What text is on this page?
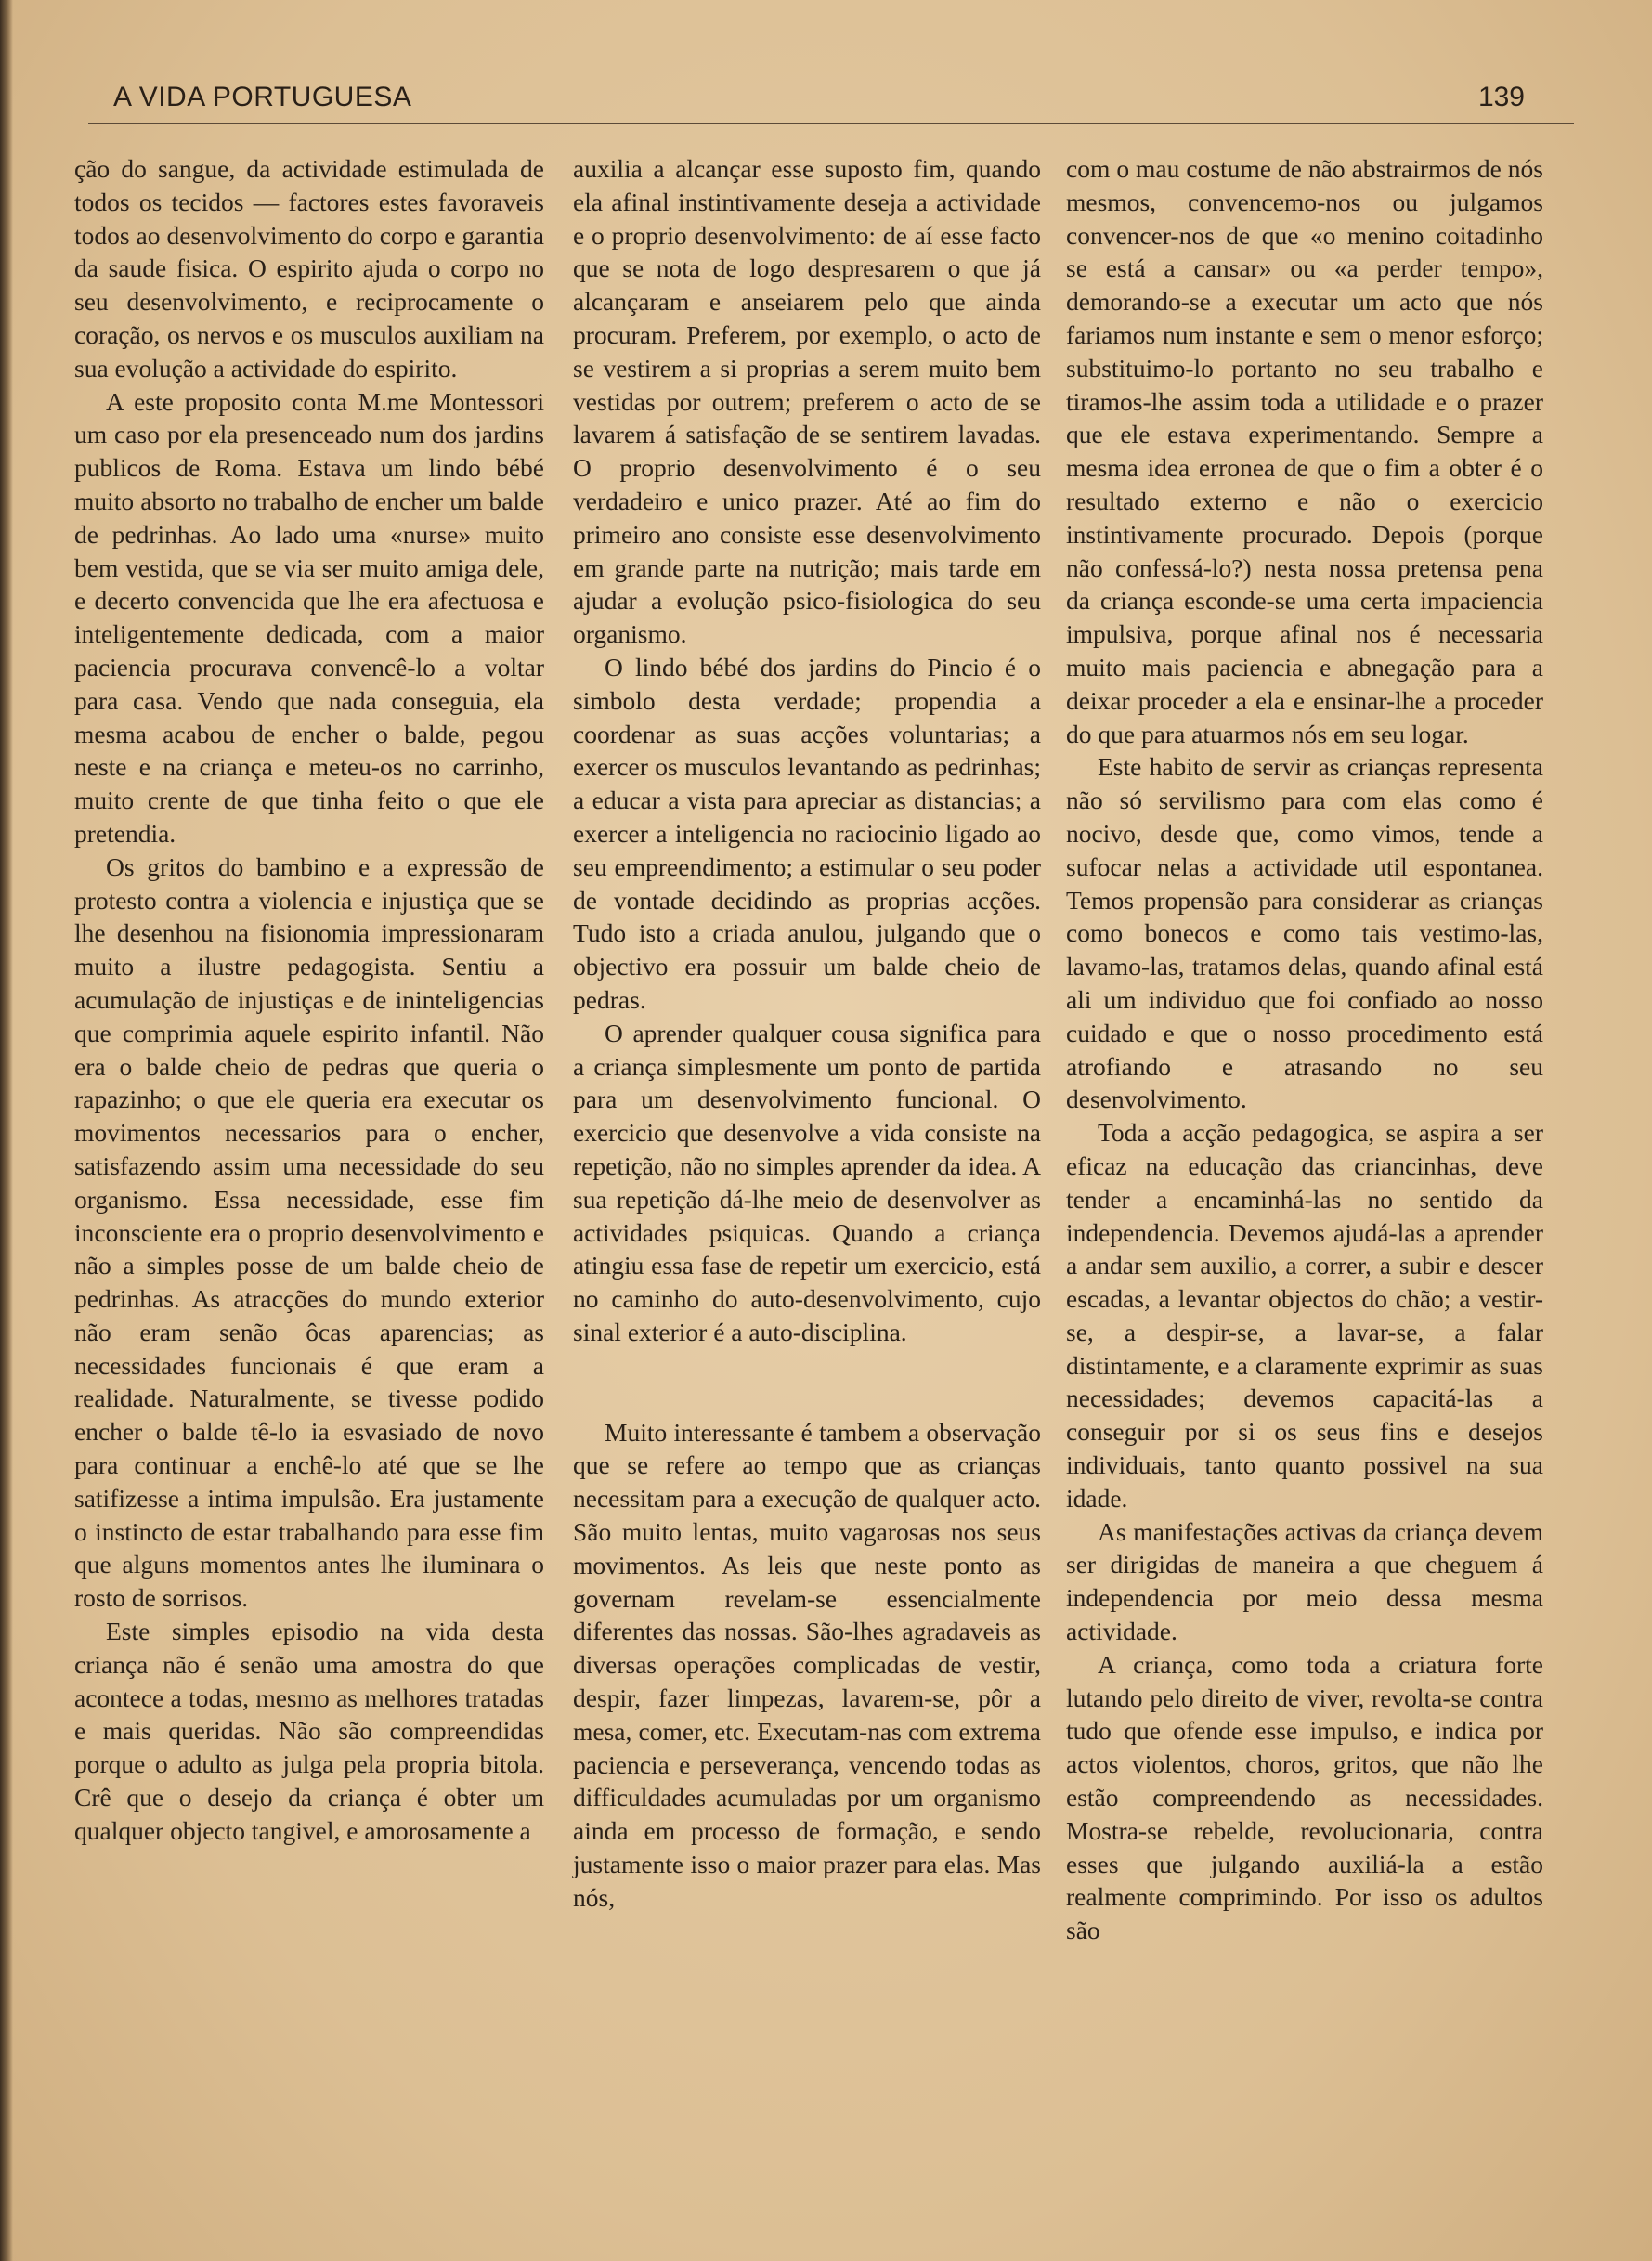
A VIDA PORTUGUESA	139

ção do sangue, da actividade estimulada de todos os tecidos — factores estes favoraveis todos ao desenvolvimento do corpo e garantia da saude fisica. O espirito ajuda o corpo no seu desenvolvimento, e reciprocamente o coração, os nervos e os musculos auxiliam na sua evolução a actividade do espirito.

A este proposito conta M.me Montessori um caso por ela presenceado num dos jardins publicos de Roma. Estava um lindo bébé muito absorto no trabalho de encher um balde de pedrinhas. Ao lado uma «nurse» muito bem vestida, que se via ser muito amiga dele, e decerto convencida que lhe era afectuosa e inteligentemente dedicada, com a maior paciencia procurava convencê-lo a voltar para casa. Vendo que nada conseguia, ela mesma acabou de encher o balde, pegou neste e na criança e meteu-os no carrinho, muito crente de que tinha feito o que ele pretendia.

Os gritos do bambino e a expressão de protesto contra a violencia e injustiça que se lhe desenhou na fisionomia impressionaram muito a ilustre pedagogista. Sentiu a acumulação de injustiças e de ininteligencias que comprimia aquele espirito infantil. Não era o balde cheio de pedras que queria o rapazinho; o que ele queria era executar os movimentos necessarios para o encher, satisfazendo assim uma necessidade do seu organismo. Essa necessidade, esse fim inconsciente era o proprio desenvolvimento e não a simples posse de um balde cheio de pedrinhas. As atracções do mundo exterior não eram senão ôcas aparencias; as necessidades funcionais é que eram a realidade. Naturalmente, se tivesse podido encher o balde tê-lo ia esvasiado de novo para continuar a enchê-lo até que se lhe satifizesse a intima impulsão. Era justamente o instincto de estar trabalhando para esse fim que alguns momentos antes lhe iluminara o rosto de sorrisos.

Este simples episodio na vida desta criança não é senão uma amostra do que acontece a todas, mesmo as melhores tratadas e mais queridas. Não são compreendidas porque o adulto as julga pela propria bitola. Crê que o desejo da criança é obter um qualquer objecto tangivel, e amorosamente a

auxilia a alcançar esse suposto fim, quando ela afinal instintivamente deseja a actividade e o proprio desenvolvimento: de aí esse facto que se nota de logo despresarem o que já alcançaram e anseiarem pelo que ainda procuram. Preferem, por exemplo, o acto de se vestirem a si proprias a serem muito bem vestidas por outrem; preferem o acto de se lavarem á satisfação de se sentirem lavadas. O proprio desenvolvimento é o seu verdadeiro e unico prazer. Até ao fim do primeiro ano consiste esse desenvolvimento em grande parte na nutrição; mais tarde em ajudar a evolução psico-fisiologica do seu organismo.

O lindo bébé dos jardins do Pincio é o simbolo desta verdade; propendia a coordenar as suas acções voluntarias; a exercer os musculos levantando as pedrinhas; a educar a vista para apreciar as distancias; a exercer a inteligencia no raciocinio ligado ao seu empreendimento; a estimular o seu poder de vontade decidindo as proprias acções. Tudo isto a criada anulou, julgando que o objectivo era possuir um balde cheio de pedras.

O aprender qualquer cousa significa para a criança simplesmente um ponto de partida para um desenvolvimento funcional. O exercicio que desenvolve a vida consiste na repetição, não no simples aprender da idea. A sua repetição dá-lhe meio de desenvolver as actividades psiquicas. Quando a criança atingiu essa fase de repetir um exercicio, está no caminho do auto-desenvolvimento, cujo sinal exterior é a auto-disciplina.

Muito interessante é tambem a observação que se refere ao tempo que as crianças necessitam para a execução de qualquer acto. São muito lentas, muito vagarosas nos seus movimentos. As leis que neste ponto as governam revelam-se essencialmente diferentes das nossas. São-lhes agradaveis as diversas operações complicadas de vestir, despir, fazer limpezas, lavarem-se, pôr a mesa, comer, etc. Executam-nas com extrema paciencia e perseverança, vencendo todas as difficuldades acumuladas por um organismo ainda em processo de formação, e sendo justamente isso o maior prazer para elas. Mas nós,

com o mau costume de não abstrairmos de nós mesmos, convencemo-nos ou julgamos convencer-nos de que «o menino coitadinho se está a cansar» ou «a perder tempo», demorando-se a executar um acto que nós fariamos num instante e sem o menor esforço; substituimo-lo portanto no seu trabalho e tiramos-lhe assim toda a utilidade e o prazer que ele estava experimentando. Sempre a mesma idea erronea de que o fim a obter é o resultado externo e não o exercicio instintivamente procurado. Depois (porque não confessá-lo?) nesta nossa pretensa pena da criança esconde-se uma certa impaciencia impulsiva, porque afinal nos é necessaria muito mais paciencia e abnegação para a deixar proceder a ela e ensinar-lhe a proceder do que para atuarmos nós em seu logar.

Este habito de servir as crianças representa não só servilismo para com elas como é nocivo, desde que, como vimos, tende a sufocar nelas a actividade util espontanea. Temos propensão para considerar as crianças como bonecos e como tais vestimo-las, lavamo-las, tratamos delas, quando afinal está ali um individuo que foi confiado ao nosso cuidado e que o nosso procedimento está atrofiando e atrasando no seu desenvolvimento.

Toda a acção pedagogica, se aspira a ser eficaz na educação das criancinhas, deve tender a encaminhá-las no sentido da independencia. Devemos ajudá-las a aprender a andar sem auxilio, a correr, a subir e descer escadas, a levantar objectos do chão; a vestir-se, a despir-se, a lavar-se, a falar distintamente, e a claramente exprimir as suas necessidades; devemos capacitá-las a conseguir por si os seus fins e desejos individuais, tanto quanto possivel na sua idade.

As manifestações activas da criança devem ser dirigidas de maneira a que cheguem á independencia por meio dessa mesma actividade.

A criança, como toda a criatura forte lutando pelo direito de viver, revolta-se contra tudo que ofende esse impulso, e indica por actos violentos, choros, gritos, que não lhe estão compreendendo as necessidades. Mostra-se rebelde, revolucionaria, contra esses que julgando auxiliá-la a estão realmente comprimindo. Por isso os adultos são
